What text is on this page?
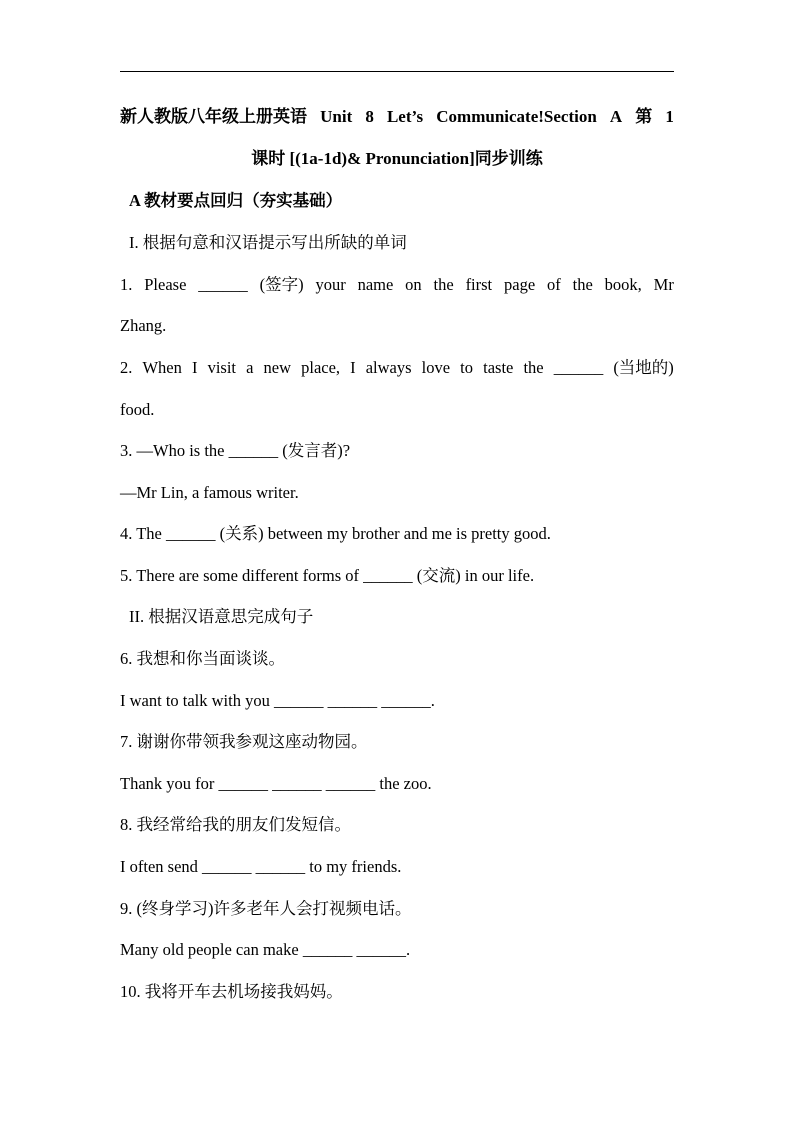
新人教版八年级上册英语 Unit 8 Let’s Communicate!Section A 第 1
课时 [(1a-1d)& Pronunciation]同步训练
A 教材要点回归（夯实基础）
I. 根据句意和汉语提示写出所缺的单词
1. Please ______ (签字) your name on the first page of the book, Mr
Zhang.
2. When I visit a new place, I always love to taste the ______ (当地的)
food.
3. —Who is the ______ (发言者)?
—Mr Lin, a famous writer.
4. The ______ (关系) between my brother and me is pretty good.
5. There are some different forms of ______ (交流) in our life.
II. 根据汉语意思完成句子
6. 我想和你当面谈谈。
I want to talk with you ______ ______ ______.
7. 谢谢你带领我参观这座动物园。
Thank you for ______ ______ ______ the zoo.
8. 我经常给我的朋友们发短信。
I often send ______ ______ to my friends.
9. (终身学习)许多老年人会打视频电话。
Many old people can make ______ ______.
10. 我将开车去机场接我妈妈。
